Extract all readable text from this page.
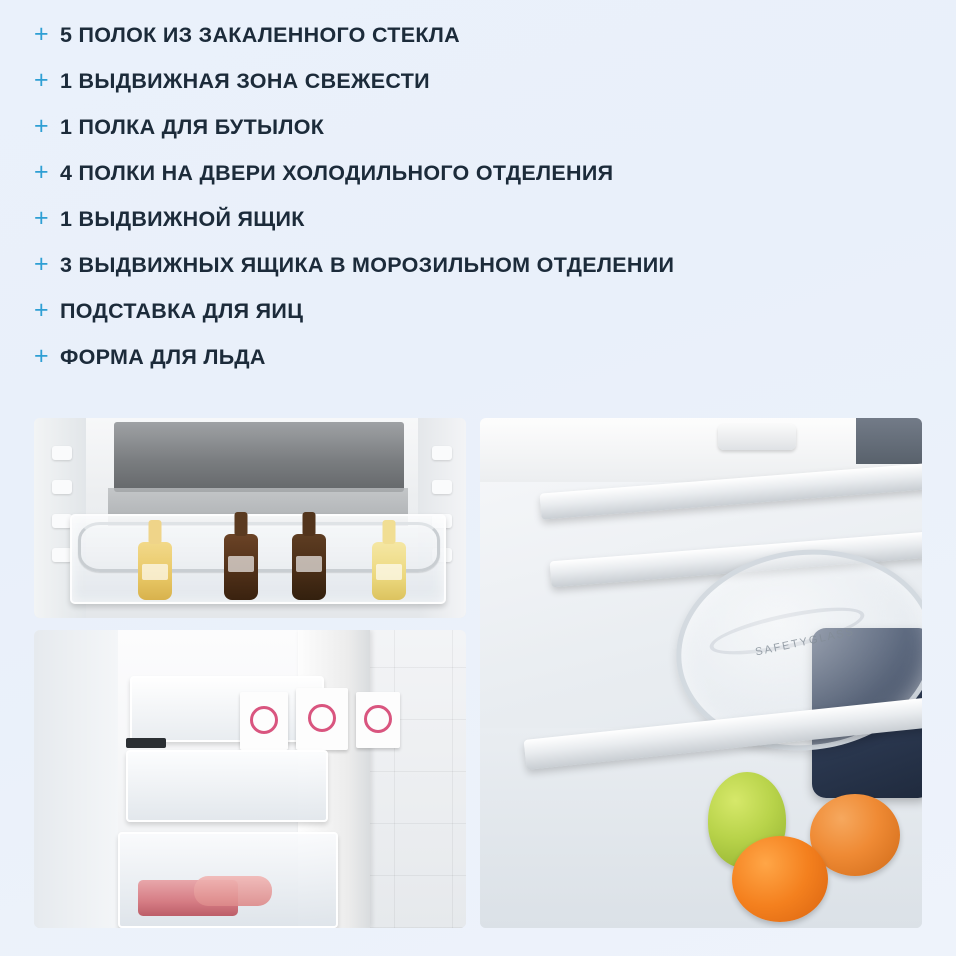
+ 5 ПОЛОК ИЗ ЗАКАЛЕННОГО СТЕКЛА
+ 1 ВЫДВИЖНАЯ ЗОНА СВЕЖЕСТИ
+ 1 ПОЛКА ДЛЯ БУТЫЛОК
+ 4 ПОЛКИ НА ДВЕРИ ХОЛОДИЛЬНОГО ОТДЕЛЕНИЯ
+ 1 ВЫДВИЖНОЙ ЯЩИК
+ 3 ВЫДВИЖНЫХ ЯЩИКА В МОРОЗИЛЬНОМ ОТДЕЛЕНИИ
+ ПОДСТАВКА ДЛЯ ЯИЦ
+ ФОРМА ДЛЯ ЛЬДА
SAFETYGLASS
